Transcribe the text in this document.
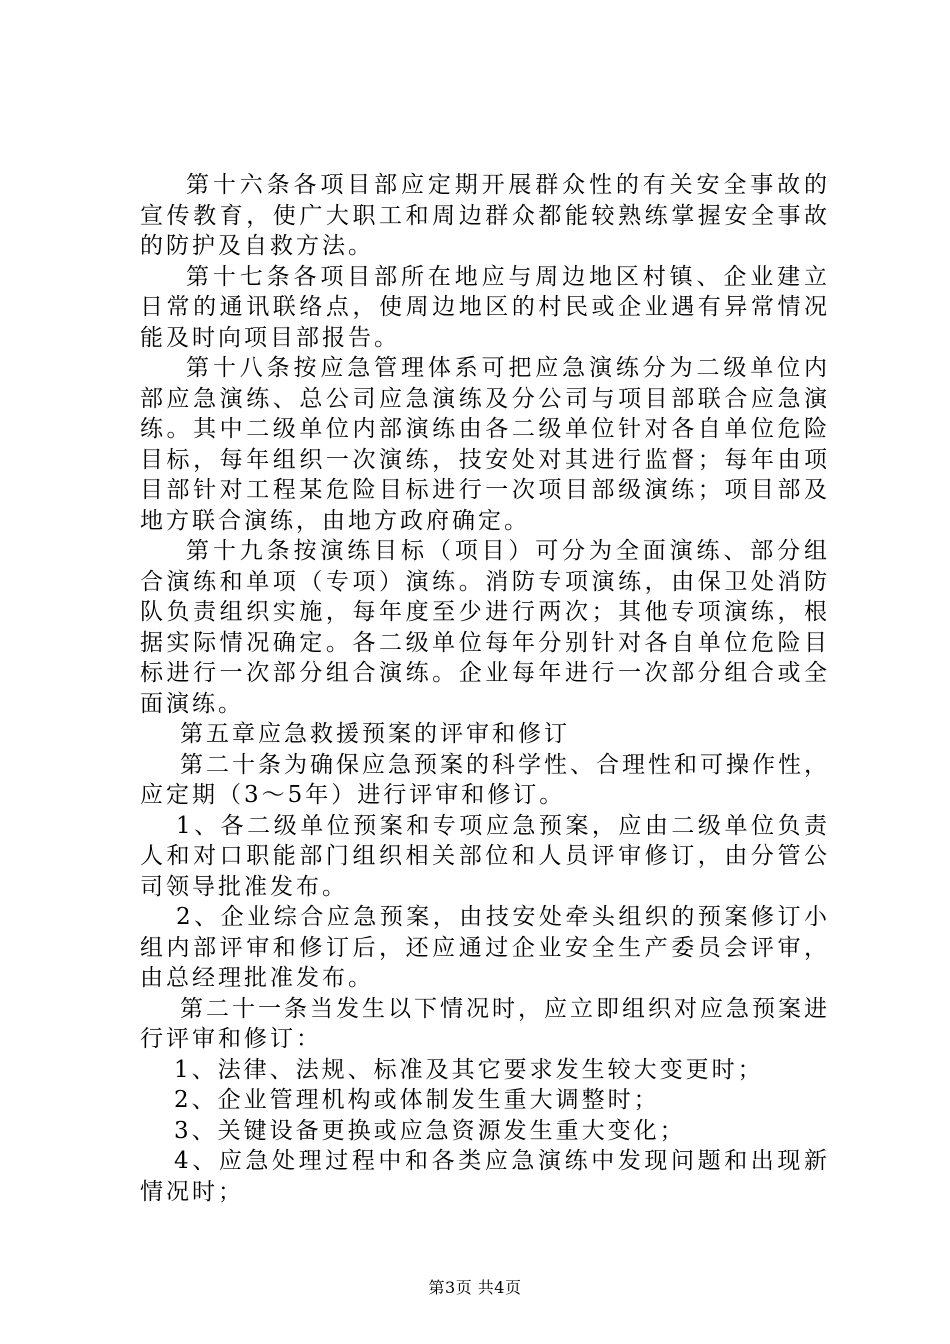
第十六条各项目部应定期开展群众性的有关安全事故的宣传教育，使广大职工和周边群众都能较熟练掌握安全事故的防护及自救方法。

第十七条各项目部所在地应与周边地区村镇、企业建立日常的通讯联络点，使周边地区的村民或企业遇有异常情况能及时向项目部报告。

第十八条按应急管理体系可把应急演练分为二级单位内部应急演练、总公司应急演练及分公司与项目部联合应急演练。其中二级单位内部演练由各二级单位针对各自单位危险目标，每年组织一次演练，技安处对其进行监督；每年由项目部针对工程某危险目标进行一次项目部级演练；项目部及地方联合演练，由地方政府确定。

第十九条按演练目标（项目）可分为全面演练、部分组合演练和单项（专项）演练。消防专项演练，由保卫处消防队负责组织实施，每年度至少进行两次；其他专项演练，根据实际情况确定。各二级单位每年分别针对各自单位危险目标进行一次部分组合演练。企业每年进行一次部分组合或全面演练。

第五章应急救援预案的评审和修订

第二十条为确保应急预案的科学性、合理性和可操作性，应定期（3～5年）进行评审和修订。

1、各二级单位预案和专项应急预案，应由二级单位负责人和对口职能部门组织相关部位和人员评审修订，由分管公司领导批准发布。

2、企业综合应急预案，由技安处牵头组织的预案修订小组内部评审和修订后，还应通过企业安全生产委员会评审，由总经理批准发布。

第二十一条当发生以下情况时，应立即组织对应急预案进行评审和修订：

1、法律、法规、标准及其它要求发生较大变更时；

2、企业管理机构或体制发生重大调整时；

3、关键设备更换或应急资源发生重大变化；

4、应急处理过程中和各类应急演练中发现问题和出现新情况时；

第3页 共4页
